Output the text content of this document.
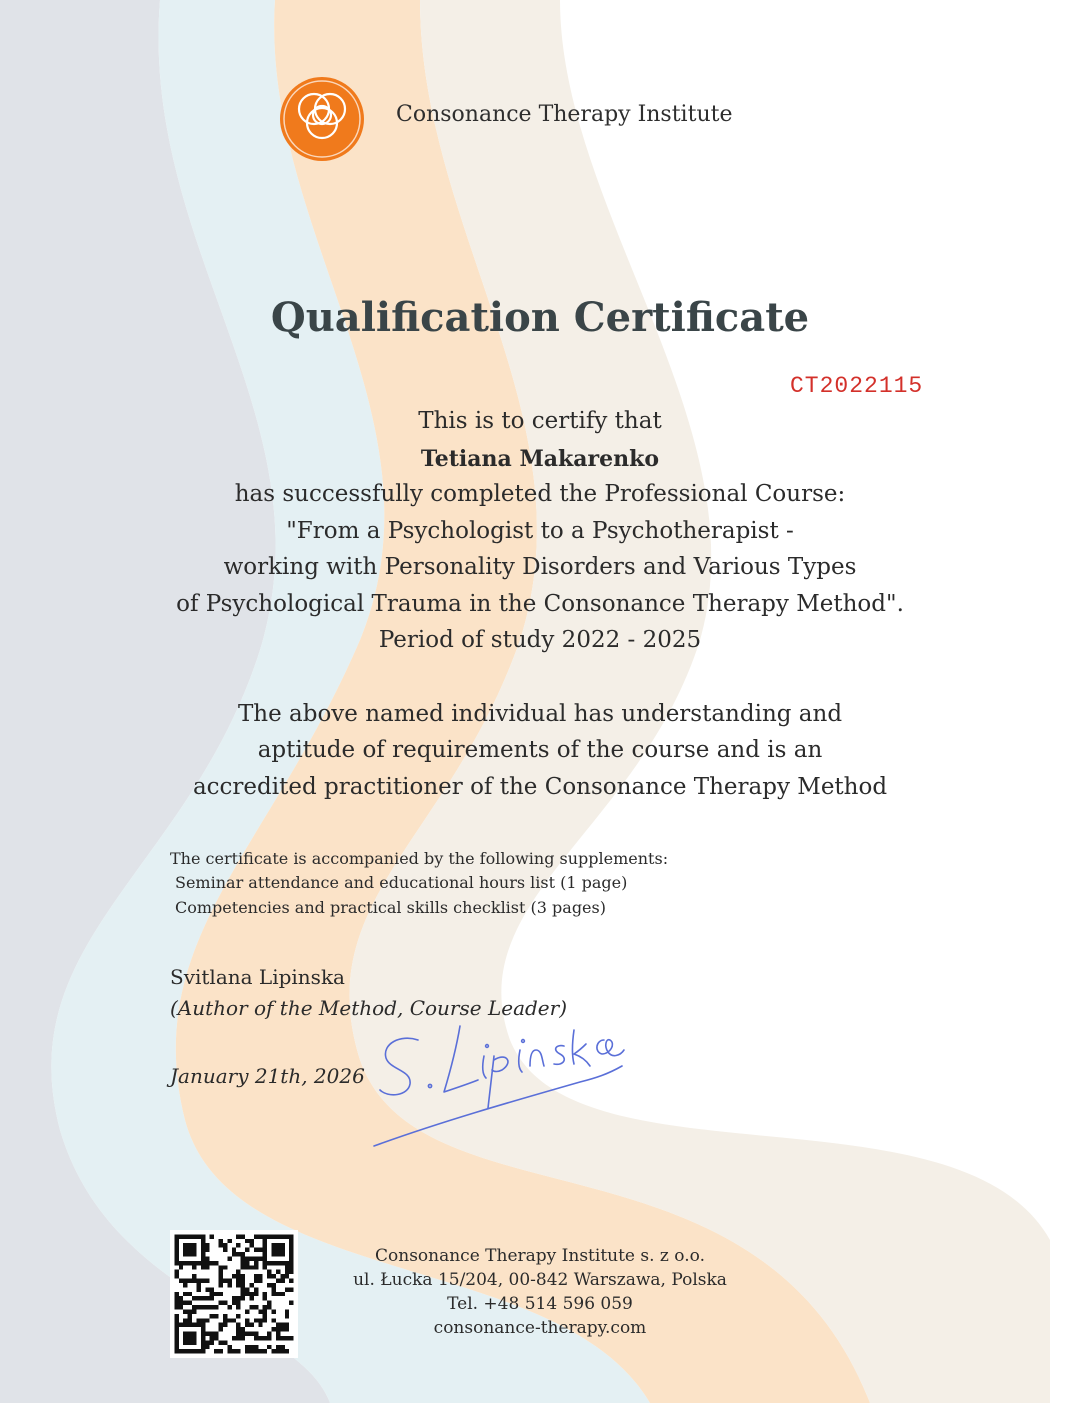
Consonance Therapy Institute
Qualification Certificate
CT2022115
This is to certify that
Tetiana Makarenko
has successfully completed the Professional Course:
"From a Psychologist to a Psychotherapist -
working with Personality Disorders and Various Types
of Psychological Trauma in the Consonance Therapy Method".
Period of study 2022 - 2025
The above named individual has understanding and
aptitude of requirements of the course and is an
accredited practitioner of the Consonance Therapy Method
The certificate is accompanied by the following supplements:
Seminar attendance and educational hours list (1 page)
Competencies and practical skills checklist (3 pages)
Svitlana Lipinska
(Author of the Method, Course Leader)
January 21th, 2026
Consonance Therapy Institute s. z o.o.
ul. Łucka 15/204, 00-842 Warszawa, Polska
Tel. +48 514 596 059
consonance-therapy.com
